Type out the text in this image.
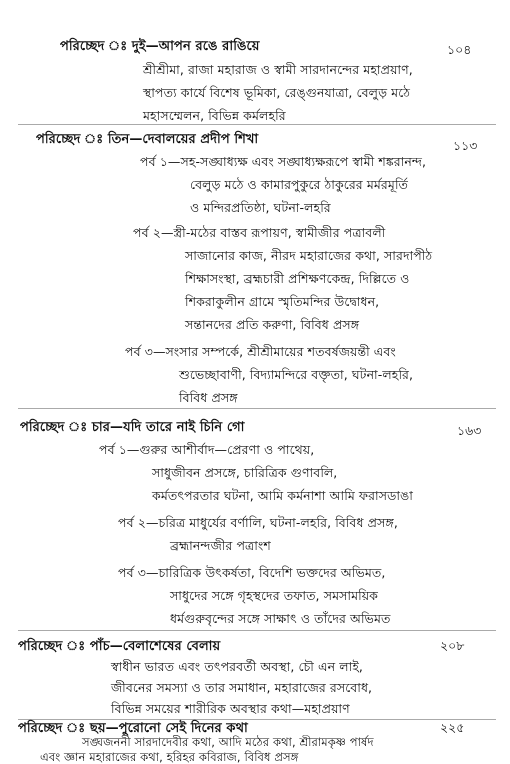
পরিচ্ছেদ ঃ দুই—আপন রঙে রাঙিয়ে	১০৪
শ্রীশ্রীমা, রাজা মহারাজ ও স্বামী সারদানন্দের মহাপ্রয়াণ,
স্থাপত্য কার্যে বিশেষ ভূমিকা, রেঙ্গুনযাত্রা, বেলুড় মঠে
মহাসম্মেলন, বিভিন্ন কর্মলহরি
পরিচ্ছেদ ঃ তিন—দেবালয়ের প্রদীপ শিখা	১১৩
পর্ব ১—সহ-সঙ্ঘাধ্যক্ষ এবং সঙ্ঘাধ্যক্ষরূপে স্বামী শঙ্করানন্দ,
বেলুড় মঠে ও কামারপুকুরে ঠাকুরের মর্মরমূর্তি
ও মন্দিরপ্রতিষ্ঠা, ঘটনা-লহরি
পর্ব ২—স্ত্রী-মঠের বাস্তব রূপায়ণ, স্বামীজীর পত্রাবলী
সাজানোর কাজ, নীরদ মহারাজের কথা, সারদাপীঠ
শিক্ষাসংস্থা, ব্রহ্মচারী প্রশিক্ষণকেন্দ্র, দিল্লিতে ও
শিকরাকুলীন গ্রামে স্মৃতিমন্দির উদ্বোধন,
সন্তানদের প্রতি করুণা, বিবিধ প্রসঙ্গ
পর্ব ৩—সংসার সম্পর্কে, শ্রীশ্রীমায়ের শতবর্ষজয়ন্তী এবং
শুভেচ্ছাবাণী, বিদ্যামন্দিরে বক্তৃতা, ঘটনা-লহরি,
বিবিধ প্রসঙ্গ
পরিচ্ছেদ ঃ চার—যদি তারে নাই চিনি গো	১৬৩
পর্ব ১—গুরুর আশীর্বাদ—প্রেরণা ও পাথেয়,
সাধুজীবন প্রসঙ্গে, চারিত্রিক গুণাবলি,
কর্মতৎপরতার ঘটনা, আমি কর্মনাশা আমি ফরাসডাঙা
পর্ব ২—চরিত্র মাধুর্যের বর্ণালি, ঘটনা-লহরি, বিবিধ প্রসঙ্গ,
ব্রহ্মানন্দজীর পত্রাংশ
পর্ব ৩—চারিত্রিক উৎকর্ষতা, বিদেশি ভক্তদের অভিমত,
সাধুদের সঙ্গে গৃহস্থদের তফাত, সমসাময়িক
ধর্মগুরুবৃন্দের সঙ্গে সাক্ষাৎ ও তাঁদের অভিমত
পরিচ্ছেদ ঃ পাঁচ—বেলাশেষের বেলায়	২০৮
স্বাধীন ভারত এবং তৎপরবর্তী অবস্থা, চৌ এন লাই,
জীবনের সমস্যা ও তার সমাধান, মহারাজের রসবোধ,
বিভিন্ন সময়ের শারীরিক অবস্থার কথা—মহাপ্রয়াণ
পরিচ্ছেদ ঃ ছয়—পুরোনো সেই দিনের কথা	২২৫
সঙ্ঘজননী সারদাদেবীর কথা, আদি মঠের কথা, শ্রীরামকৃষ্ণ পার্ষদ
এবং জ্ঞান মহারাজের কথা, হরিহর কবিরাজ, বিবিধ প্রসঙ্গ
